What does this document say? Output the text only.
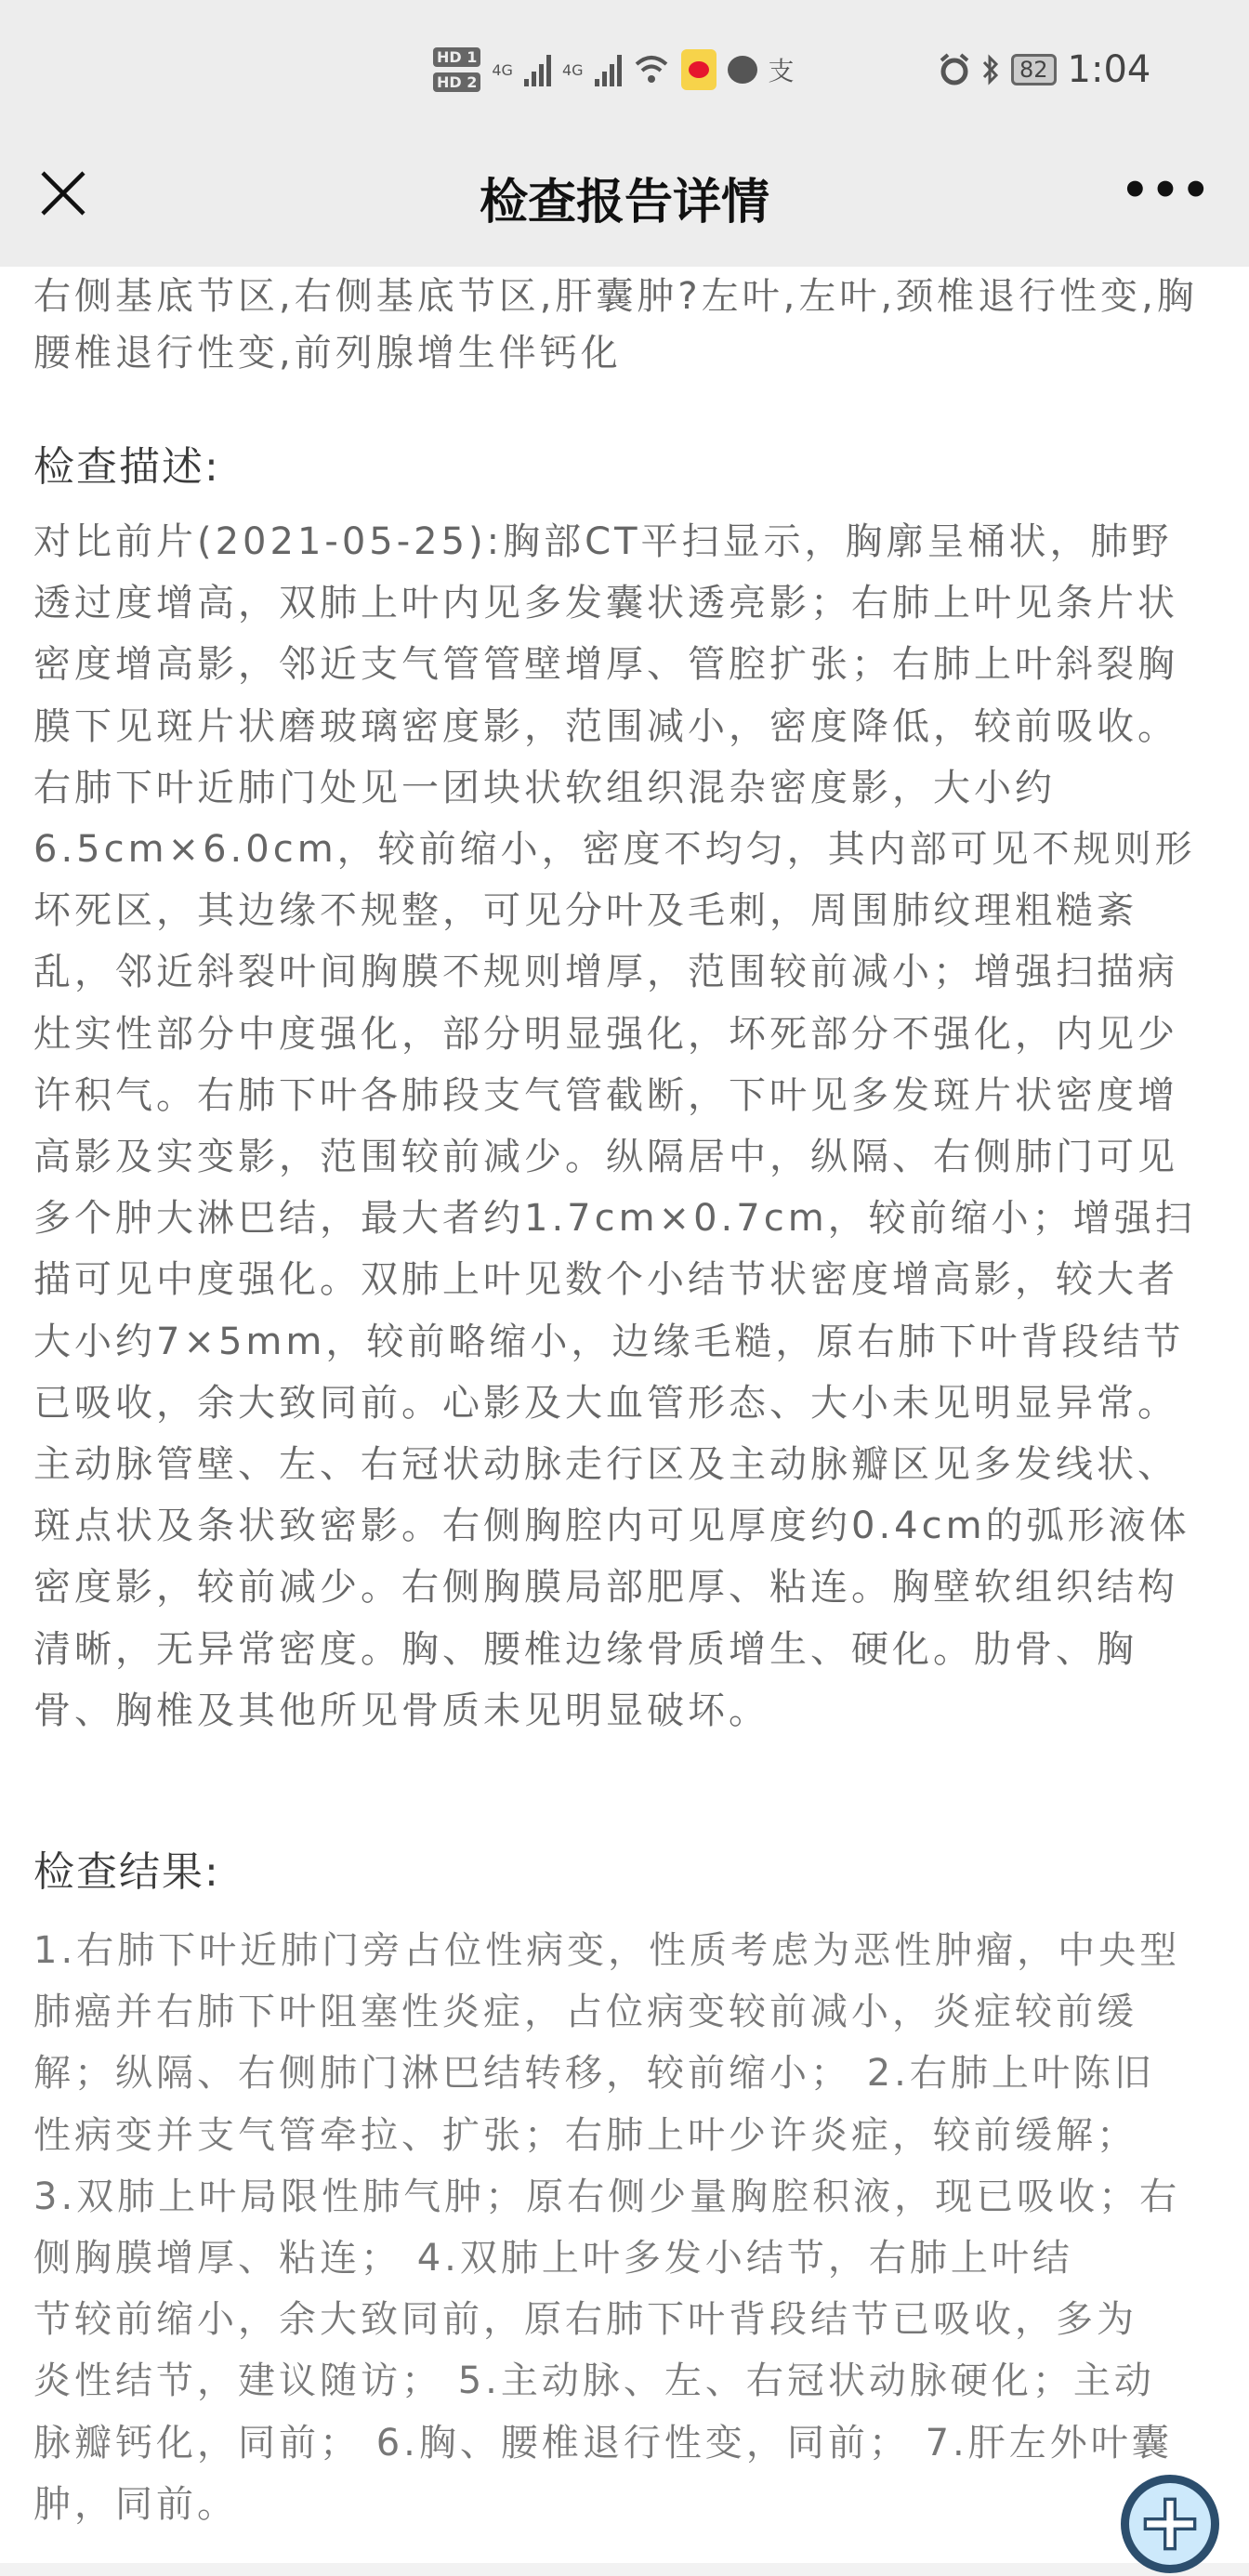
HD 1
HD 2
4G	4G	支	82 1:04
检查报告详情	•••
右侧基底节区,右侧基底节区,肝囊肿?左叶,左叶,颈椎退行性变,胸
腰椎退行性变,前列腺增生伴钙化
检查描述:
对比前片(2021-05-25):胸部CT平扫显示，胸廓呈桶状，肺野
透过度增高，双肺上叶内见多发囊状透亮影；右肺上叶见条片状
密度增高影，邻近支气管管壁增厚、管腔扩张；右肺上叶斜裂胸
膜下见斑片状磨玻璃密度影，范围减小，密度降低，较前吸收。
右肺下叶近肺门处见一团块状软组织混杂密度影，大小约
6.5cm×6.0cm，较前缩小，密度不均匀，其内部可见不规则形
坏死区，其边缘不规整，可见分叶及毛刺，周围肺纹理粗糙紊
乱，邻近斜裂叶间胸膜不规则增厚，范围较前减小；增强扫描病
灶实性部分中度强化，部分明显强化，坏死部分不强化，内见少
许积气。右肺下叶各肺段支气管截断，下叶见多发斑片状密度增
高影及实变影，范围较前减少。纵隔居中，纵隔、右侧肺门可见
多个肿大淋巴结，最大者约1.7cm×0.7cm，较前缩小；增强扫
描可见中度强化。双肺上叶见数个小结节状密度增高影，较大者
大小约7×5mm，较前略缩小，边缘毛糙，原右肺下叶背段结节
已吸收，余大致同前。心影及大血管形态、大小未见明显异常。
主动脉管壁、左、右冠状动脉走行区及主动脉瓣区见多发线状、
斑点状及条状致密影。右侧胸腔内可见厚度约0.4cm的弧形液体
密度影，较前减少。右侧胸膜局部肥厚、粘连。胸壁软组织结构
清晰，无异常密度。胸、腰椎边缘骨质增生、硬化。肋骨、胸
骨、胸椎及其他所见骨质未见明显破坏。
检查结果:
1.右肺下叶近肺门旁占位性病变，性质考虑为恶性肿瘤，中央型
肺癌并右肺下叶阻塞性炎症，占位病变较前减小，炎症较前缓
解；纵隔、右侧肺门淋巴结转移，较前缩小； 2.右肺上叶陈旧
性病变并支气管牵拉、扩张；右肺上叶少许炎症，较前缓解；
3.双肺上叶局限性肺气肿；原右侧少量胸腔积液，现已吸收；右
侧胸膜增厚、粘连； 4.双肺上叶多发小结节，右肺上叶结
节较前缩小，余大致同前，原右肺下叶背段结节已吸收，多为
炎性结节，建议随访； 5.主动脉、左、右冠状动脉硬化；主动
脉瓣钙化，同前； 6.胸、腰椎退行性变，同前； 7.肝左外叶囊
肿，同前。
